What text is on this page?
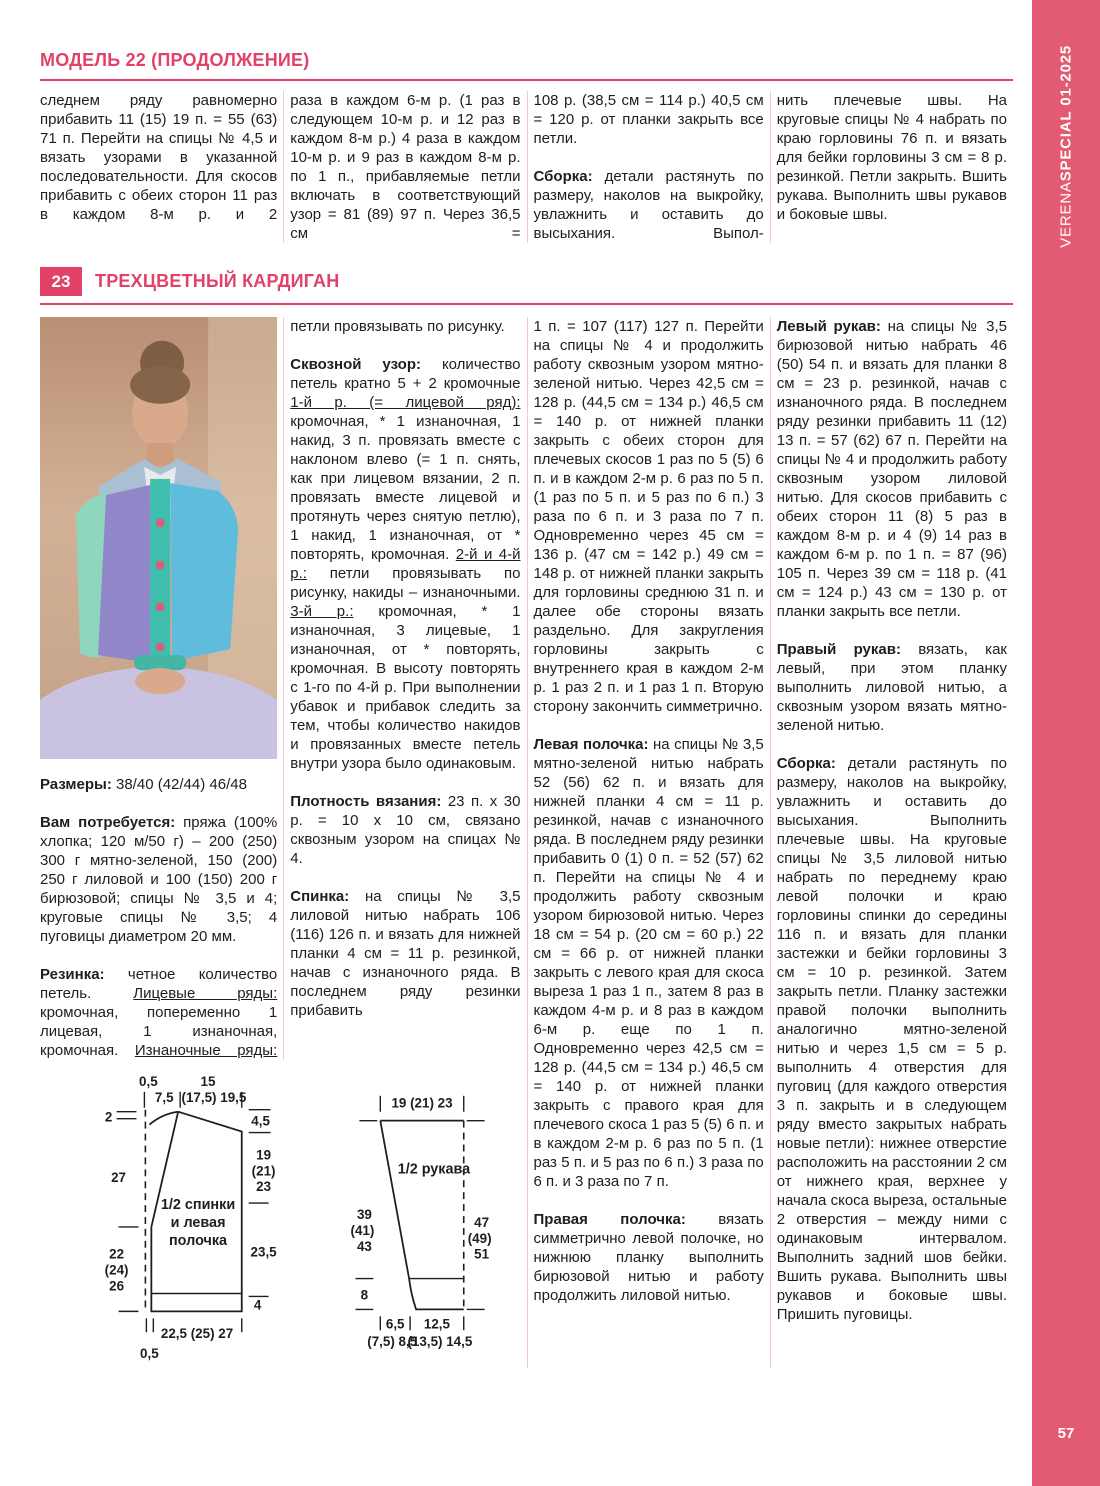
VERENASPECIAL 01-2025
57
МОДЕЛЬ 22 (ПРОДОЛЖЕНИЕ)

следнем ряду равномерно прибавить 11 (15) 19 п. = 55 (63) 71 п. Перейти на спицы № 4,5 и вязать узорами в указанной последовательности. Для скосов прибавить с обеих сторон 11 раз в каждом 8-м р. и 2

раза в каждом 6-м р. (1 раз в следующем 10-м р. и 12 раз в каждом 8-м р.) 4 раза в каждом 10-м р. и 9 раз в каждом 8-м р. по 1 п., прибавляемые петли включать в соответствующий узор = 81 (89) 97 п. Через 36,5 см =

108 р. (38,5 см = 114 р.) 40,5 см = 120 р. от планки закрыть все петли.

Сборка: детали растянуть по размеру, наколов на выкройку, увлажнить и оставить до высыхания. Выпол-

нить плечевые швы. На круговые спицы № 4 набрать по краю горловины 76 п. и вязать для бейки горловины 3 см = 8 р. резинкой. Петли закрыть. Вшить рукава. Выполнить швы рукавов и боковые швы.

23	ТРЕХЦВЕТНЫЙ КАРДИГАН

Размеры: 38/40 (42/44) 46/48

Вам потребуется: пряжа (100% хлопка; 120 м/50 г) – 200 (250) 300 г мятно-зеленой, 150 (200) 250 г лиловой и 100 (150) 200 г бирюзовой; спицы № 3,5 и 4; круговые спицы № 3,5; 4 пуговицы диаметром 20 мм.

Резинка: четное количество петель. Лицевые ряды: кромочная, попеременно 1 лицевая, 1 изнаночная, кромочная. Изнаночные ряды:

петли провязывать по рисунку.

Сквозной узор: количество петель кратно 5 + 2 кромочные 1-й р. (= лицевой ряд): кромочная, * 1 изнаночная, 1 накид, 3 п. провязать вместе с наклоном влево (= 1 п. снять, как при лицевом вязании, 2 п. провязать вместе лицевой и протянуть через снятую петлю), 1 накид, 1 изнаночная, от * повторять, кромочная. 2-й и 4-й р.: петли провязывать по рисунку, накиды – изнаночными. 3-й р.: кромочная, * 1 изнаночная, 3 лицевые, 1 изнаночная, от * повторять, кромочная. В высоту повторять с 1-го по 4-й р. При выполнении убавок и прибавок следить за тем, чтобы количество накидов и провязанных вместе петель внутри узора было одинаковым.

Плотность вязания: 23 п. х 30 р. = 10 х 10 см, связано сквозным узором на спицах № 4.

Спинка: на спицы № 3,5 лиловой нитью набрать 106 (116) 126 п. и вязать для нижней планки 4 см = 11 р. резинкой, начав с изнаночного ряда. В последнем ряду резинки прибавить

0,5	15
7,5 (17,5) 19,5
2
27
22
(24)
26
1/2 спинки
и левая
полочка
4,5
19
(21)
23
23,5
4
22,5 (25) 27
0,5
19 (21) 23
1/2 рукава
39
(41)
43
8
47
(49)
51
6,5
(7,5) 8,5
12,5
(13,5) 14,5

1 п. = 107 (117) 127 п. Перейти на спицы № 4 и продолжить работу сквозным узором мятно-зеленой нитью. Через 42,5 см = 128 р. (44,5 см = 134 р.) 46,5 см = 140 р. от нижней планки закрыть с обеих сторон для плечевых скосов 1 раз по 5 (5) 6 п. и в каждом 2-м р. 6 раз по 5 п. (1 раз по 5 п. и 5 раз по 6 п.) 3 раза по 6 п. и 3 раза по 7 п. Одновременно через 45 см = 136 р. (47 см = 142 р.) 49 см = 148 р. от нижней планки закрыть для горловины среднюю 31 п. и далее обе стороны вязать раздельно. Для закругления горловины закрыть с внутреннего края в каждом 2-м р. 1 раз 2 п. и 1 раз 1 п. Вторую сторону закончить симметрично.

Левая полочка: на спицы № 3,5 мятно-зеленой нитью набрать 52 (56) 62 п. и вязать для нижней планки 4 см = 11 р. резинкой, начав с изнаночного ряда. В последнем ряду резинки прибавить 0 (1) 0 п. = 52 (57) 62 п. Перейти на спицы № 4 и продолжить работу сквозным узором бирюзовой нитью. Через 18 см = 54 р. (20 см = 60 р.) 22 см = 66 р. от нижней планки закрыть с левого края для скоса выреза 1 раз 1 п., затем 8 раз в каждом 4-м р. и 8 раз в каждом 6-м р. еще по 1 п. Одновременно через 42,5 см = 128 р. (44,5 см = 134 р.) 46,5 см = 140 р. от нижней планки закрыть с правого края для плечевого скоса 1 раз 5 (5) 6 п. и в каждом 2-м р. 6 раз по 5 п. (1 раз 5 п. и 5 раз по 6 п.) 3 раза по 6 п. и 3 раза по 7 п.

Правая полочка: вязать симметрично левой полочке, но нижнюю планку выполнить бирюзовой нитью и работу продолжить лиловой нитью.

Левый рукав: на спицы № 3,5 бирюзовой нитью набрать 46 (50) 54 п. и вязать для планки 8 см = 23 р. резинкой, начав с изнаночного ряда. В последнем ряду резинки прибавить 11 (12) 13 п. = 57 (62) 67 п. Перейти на спицы № 4 и продолжить работу сквозным узором лиловой нитью. Для скосов прибавить с обеих сторон 11 (8) 5 раз в каждом 8-м р. и 4 (9) 14 раз в каждом 6-м р. по 1 п. = 87 (96) 105 п. Через 39 см = 118 р. (41 см = 124 р.) 43 см = 130 р. от планки закрыть все петли.

Правый рукав: вязать, как левый, при этом планку выполнить лиловой нитью, а сквозным узором вязать мятно-зеленой нитью.

Сборка: детали растянуть по размеру, наколов на выкройку, увлажнить и оставить до высыхания. Выполнить плечевые швы. На круговые спицы № 3,5 лиловой нитью набрать по переднему краю левой полочки и краю горловины спинки до середины 116 п. и вязать для планки застежки и бейки горловины 3 см = 10 р. резинкой. Затем закрыть петли. Планку застежки правой полочки выполнить аналогично мятно-зеленой нитью и через 1,5 см = 5 р. выполнить 4 отверстия для пуговиц (для каждого отверстия 3 п. закрыть и в следующем ряду вместо закрытых набрать новые петли): нижнее отверстие расположить на расстоянии 2 см от нижнего края, верхнее у начала скоса выреза, остальные 2 отверстия – между ними с одинаковым интервалом. Выполнить задний шов бейки. Вшить рукава. Выполнить швы рукавов и боковые швы. Пришить пуговицы.
